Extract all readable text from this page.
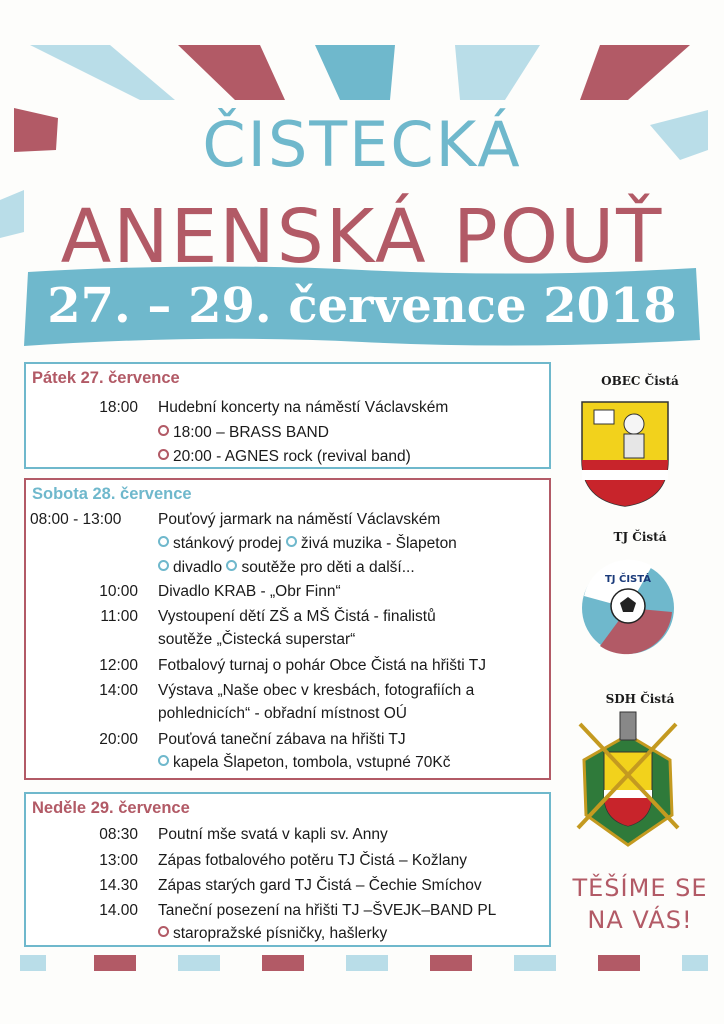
TJ ČISTÁ
ČISTECKÁ
ANENSKÁ POUŤ
27. – 29. července 2018
Pátek 27. července
18:00 Hudební koncerty na náměstí Václavském
18:00 – BRASS BAND
20:00 - AGNES rock (revival band)
Sobota 28. července
08:00 - 13:00 Pouťový jarmark na náměstí Václavském
stánkový prodej živá muzika - Šlapeton
divadlo soutěže pro děti a další...
10:00 Divadlo KRAB - „Obr Finn“
11:00 Vystoupení dětí ZŠ a MŠ Čistá - finalistů
soutěže „Čistecká superstar“
12:00 Fotbalový turnaj o pohár Obce Čistá na hřišti TJ
14:00 Výstava „Naše obec v kresbách, fotografiích a
pohlednicích“ - obřadní místnost OÚ
20:00 Pouťová taneční zábava na hřišti TJ
kapela Šlapeton, tombola, vstupné 70Kč
Neděle 29. července
08:30 Poutní mše svatá v kapli sv. Anny
13:00 Zápas fotbalového potěru TJ Čistá – Kožlany
14.30 Zápas starých gard TJ Čistá – Čechie Smíchov
14.00 Taneční posezení na hřišti TJ –ŠVEJK–BAND PL
staropražské písničky, hašlerky
OBEC Čistá
TJ Čistá
SDH Čistá
TĚŠÍME SE
NA VÁS!
